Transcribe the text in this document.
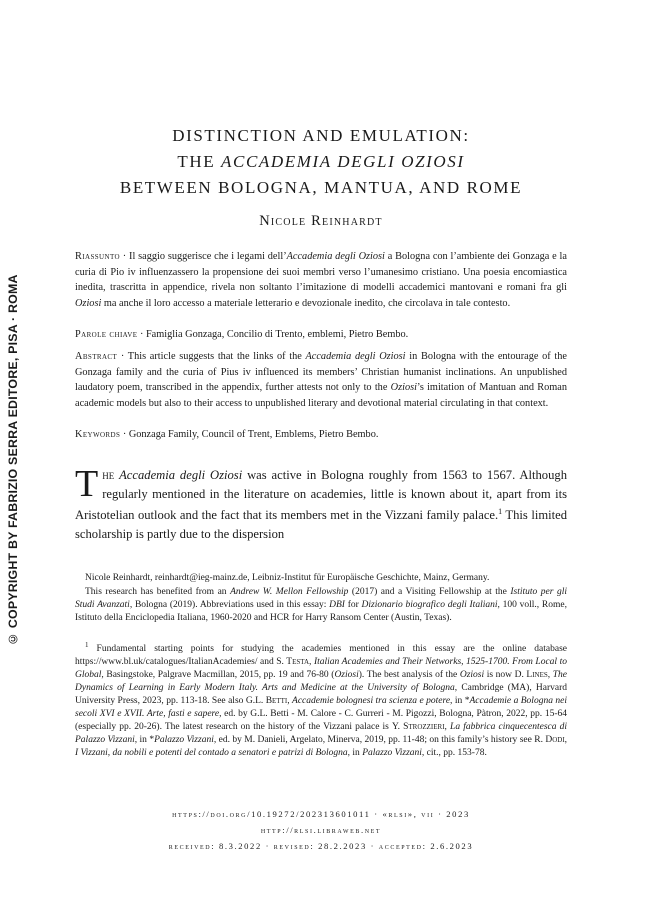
© COPYRIGHT BY FABRIZIO SERRA EDITORE, PISA · ROMA
DISTINCTION AND EMULATION:
THE ACCADEMIA DEGLI OZIOSI
BETWEEN BOLOGNA, MANTUA, AND ROME

Nicole Reinhardt

Riassunto · Il saggio suggerisce che i legami dell’Accademia degli Oziosi a Bologna con l’ambiente dei Gonzaga e la curia di Pio iv influenzassero la propensione dei suoi membri verso l’umanesimo cristiano. Una poesia encomiastica inedita, trascritta in appendice, rivela non soltanto l’imitazione di modelli accademici mantovani e romani fra gli Oziosi ma anche il loro accesso a materiale letterario e devozionale inedito, che circolava in tale contesto.

Parole chiave · Famiglia Gonzaga, Concilio di Trento, emblemi, Pietro Bembo.

Abstract · This article suggests that the links of the Accademia degli Oziosi in Bologna with the entourage of the Gonzaga family and the curia of Pius iv influenced its members’ Christian humanist inclinations. An unpublished laudatory poem, transcribed in the appendix, further attests not only to the Oziosi’s imitation of Mantuan and Roman academic models but also to their access to unpublished literary and devotional material circulating in that context.

Keywords · Gonzaga Family, Council of Trent, Emblems, Pietro Bembo.

The Accademia degli Oziosi was active in Bologna roughly from 1563 to 1567. Although regularly mentioned in the literature on academies, little is known about it, apart from its Aristotelian outlook and the fact that its members met in the Vizzani family palace.$^1$ This limited scholarship is partly due to the dispersion

Nicole Reinhardt, reinhardt@ieg-mainz.de, Leibniz-Institut für Europäische Geschichte, Mainz, Germany.

This research has benefited from an Andrew W. Mellon Fellowship (2017) and a Visiting Fellowship at the Istituto per gli Studi Avanzati, Bologna (2019). Abbreviations used in this essay: DBI for Dizionario biografico degli Italiani, 100 voll., Rome, Istituto della Enciclopedia Italiana, 1960-2020 and HCR for Harry Ransom Center (Austin, Texas).

$^1$ Fundamental starting points for studying the academies mentioned in this essay are the online database https://www.bl.uk/catalogues/ItalianAcademies/ and S. Testa, Italian Academies and Their Networks, 1525-1700. From Local to Global, Basingstoke, Palgrave Macmillan, 2015, pp. 19 and 76-80 (Oziosi). The best analysis of the Oziosi is now D. Lines, The Dynamics of Learning in Early Modern Italy. Arts and Medicine at the University of Bologna, Cambridge (MA), Harvard University Press, 2023, pp. 113-18. See also G.L. Betti, Accademie bolognesi tra scienza e potere, in *Accademie a Bologna nei secoli XVI e XVII. Arte, fasti e sapere, ed. by G.L. Betti - M. Calore - C. Gurreri - M. Pigozzi, Bologna, Pàtron, 2022, pp. 15-64 (especially pp. 20-26). The latest research on the history of the Vizzani palace is Y. Strozzieri, La fabbrica cinquecentesca di Palazzo Vizzani, in *Palazzo Vizzani, ed. by M. Danieli, Argelato, Minerva, 2019, pp. 11-48; on this family’s history see R. Dodi, I Vizzani, da nobili e potenti del contado a senatori e patrizi di Bologna, in Palazzo Vizzani, cit., pp. 153-78.

https://doi.org/10.19272/202313601011 · «rlsi», vii · 2023

http://rlsi.libraweb.net

received: 8.3.2022 · revised: 28.2.2023 · accepted: 2.6.2023
